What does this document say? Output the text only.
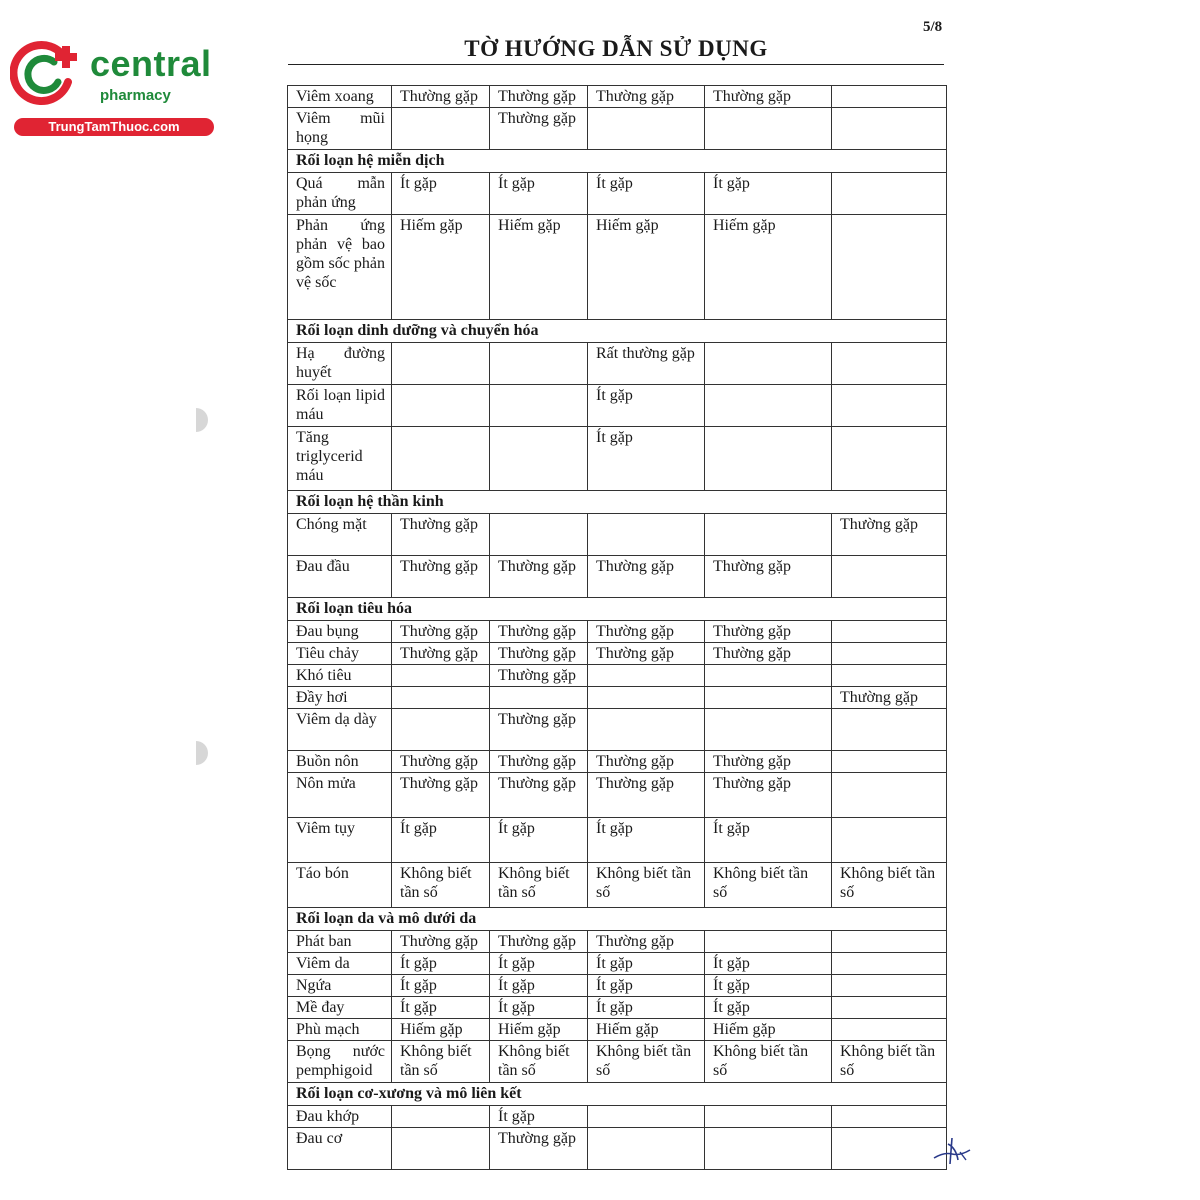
central
pharmacy
TrungTamThuoc.com
5/8
TỜ HƯỚNG DẪN SỬ DỤNG
Viêm xoang	Thường gặp	Thường gặp	Thường gặp	Thường gặp	
Viêm mũi họng		Thường gặp			
Rối loạn hệ miễn dịch					
Quá mẫn phản ứng	Ít gặp	Ít gặp	Ít gặp	Ít gặp	
Phản ứng phản vệ bao gồm sốc phản vệ sốc	Hiếm gặp	Hiếm gặp	Hiếm gặp	Hiếm gặp	
Rối loạn dinh dưỡng và chuyển hóa					
Hạ đường huyết			Rất thường gặp		
Rối loạn lipid máu			Ít gặp		
Tăng triglycerid máu			Ít gặp		
Rối loạn hệ thần kinh					
Chóng mặt	Thường gặp				Thường gặp
Đau đầu	Thường gặp	Thường gặp	Thường gặp	Thường gặp	
Rối loạn tiêu hóa					
Đau bụng	Thường gặp	Thường gặp	Thường gặp	Thường gặp	
Tiêu chảy	Thường gặp	Thường gặp	Thường gặp	Thường gặp	
Khó tiêu		Thường gặp			
Đầy hơi					Thường gặp
Viêm dạ dày		Thường gặp			
Buồn nôn	Thường gặp	Thường gặp	Thường gặp	Thường gặp	
Nôn mửa	Thường gặp	Thường gặp	Thường gặp	Thường gặp	
Viêm tụy	Ít gặp	Ít gặp	Ít gặp	Ít gặp	
Táo bón	Không biết tần số	Không biết tần số	Không biết tần số	Không biết tần số	Không biết tần số
Rối loạn da và mô dưới da					
Phát ban	Thường gặp	Thường gặp	Thường gặp		
Viêm da	Ít gặp	Ít gặp	Ít gặp	Ít gặp	
Ngứa	Ít gặp	Ít gặp	Ít gặp	Ít gặp	
Mề đay	Ít gặp	Ít gặp	Ít gặp	Ít gặp	
Phù mạch	Hiếm gặp	Hiếm gặp	Hiếm gặp	Hiếm gặp	
Bọng nước pemphigoid	Không biết tần số	Không biết tần số	Không biết tần số	Không biết tần số	Không biết tần số
Rối loạn cơ-xương và mô liên kết					
Đau khớp		Ít gặp			
Đau cơ		Thường gặp			
